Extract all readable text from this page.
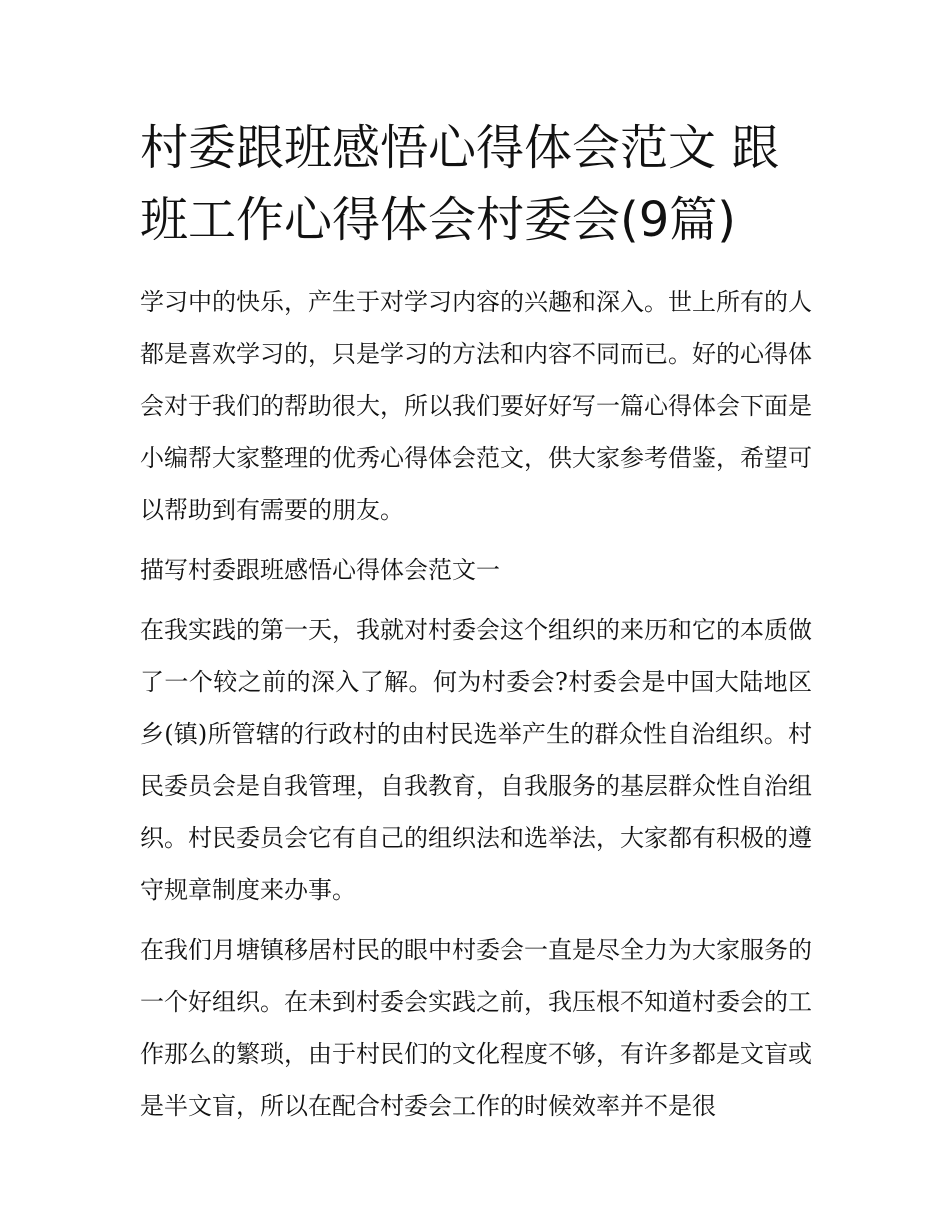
村委跟班感悟心得体会范文 跟班工作心得体会村委会(9篇)

学习中的快乐，产生于对学习内容的兴趣和深入。世上所有的人都是喜欢学习的，只是学习的方法和内容不同而已。好的心得体会对于我们的帮助很大，所以我们要好好写一篇心得体会下面是小编帮大家整理的优秀心得体会范文，供大家参考借鉴，希望可以帮助到有需要的朋友。

描写村委跟班感悟心得体会范文一

在我实践的第一天，我就对村委会这个组织的来历和它的本质做了一个较之前的深入了解。何为村委会?村委会是中国大陆地区乡(镇)所管辖的行政村的由村民选举产生的群众性自治组织。村民委员会是自我管理，自我教育，自我服务的基层群众性自治组织。村民委员会它有自己的组织法和选举法，大家都有积极的遵守规章制度来办事。

在我们月塘镇移居村民的眼中村委会一直是尽全力为大家服务的一个好组织。在未到村委会实践之前，我压根不知道村委会的工作那么的繁琐，由于村民们的文化程度不够，有许多都是文盲或是半文盲，所以在配合村委会工作的时候效率并不是很
